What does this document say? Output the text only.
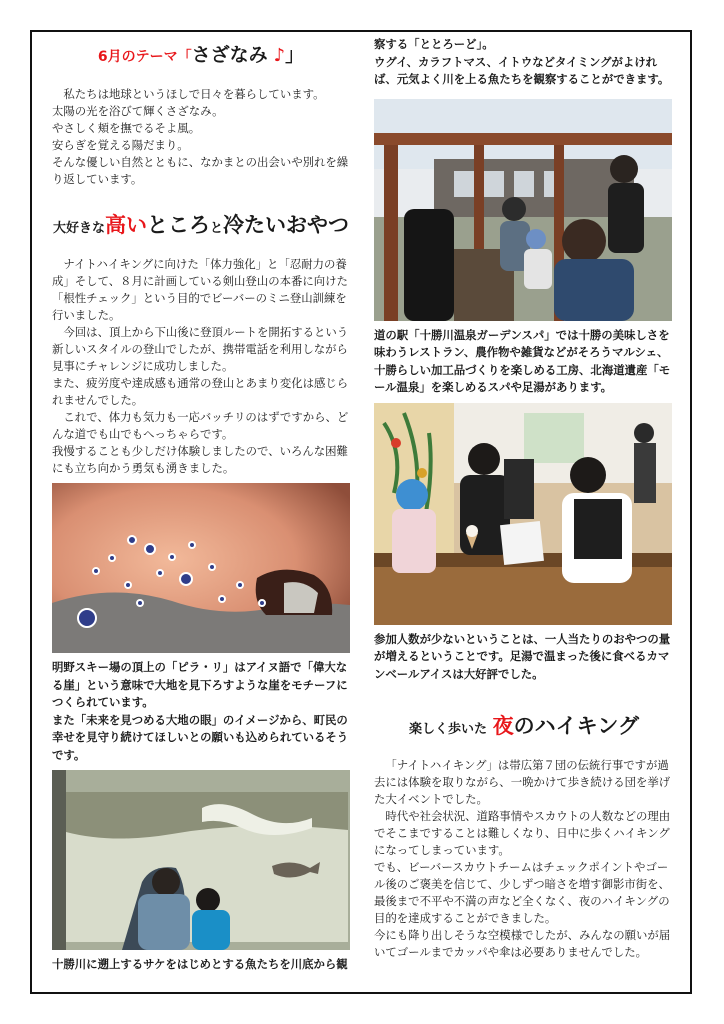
6月のテーマ「さざなみ ♪」

私たちは地球というほしで日々を暮らしています。

太陽の光を浴びて輝くさざなみ。

やさしく頬を撫でるそよ風。

安らぎを覚える陽だまり。

そんな優しい自然とともに、なかまとの出会いや別れを繰り返しています。

大好きな高いところと冷たいおやつ

ナイトハイキングに向けた「体力強化」と「忍耐力の養成」そして、８月に計画している剣山登山の本番に向けた「根性チェック」という目的でビーバーのミニ登山訓練を行いました。

今回は、頂上から下山後に登頂ルートを開拓するという新しいスタイルの登山でしたが、携帯電話を利用しながら見事にチャレンジに成功しました。

また、疲労度や達成感も通常の登山とあまり変化は感じられませんでした。

これで、体力も気力も一応バッチリのはずですから、どんな道でも山でもへっちゃらです。

我慢することも少しだけ体験しましたので、いろんな困難にも立ち向かう勇気も湧きました。

明野スキー場の頂上の「ピラ・リ」はアイヌ語で「偉大なる崖」という意味で大地を見下ろすような崖をモチーフにつくられています。

また「未来を見つめる大地の眼」のイメージから、町民の幸せを見守り続けてほしいとの願いも込められているそうです。

十勝川に遡上するサケをはじめとする魚たちを川底から観

察する「ととろーど」。

ウグイ、カラフトマス、イトウなどタイミングがよければ、元気よく川を上る魚たちを観察することができます。

道の駅「十勝川温泉ガーデンスパ」では十勝の美味しさを味わうレストラン、農作物や雑貨などがそろうマルシェ、十勝らしい加工品づくりを楽しめる工房、北海道遺産「モール温泉」を楽しめるスパや足湯があります。

参加人数が少ないということは、一人当たりのおやつの量が増えるということです。足湯で温まった後に食べるカマンベールアイスは大好評でした。

楽しく歩いた 夜のハイキング

「ナイトハイキング」は帯広第７団の伝統行事ですが過去には体験を取りながら、一晩かけて歩き続ける団を挙げた大イベントでした。

時代や社会状況、道路事情やスカウトの人数などの理由でそこまですることは難しくなり、日中に歩くハイキングになってしまっています。

でも、ビーバースカウトチームはチェックポイントやゴール後のご褒美を信じて、少しずつ暗さを増す御影市街を、最後まで不平や不満の声など全くなく、夜のハイキングの目的を達成することができました。

今にも降り出しそうな空模様でしたが、みんなの願いが届いてゴールまでカッパや傘は必要ありませんでした。
